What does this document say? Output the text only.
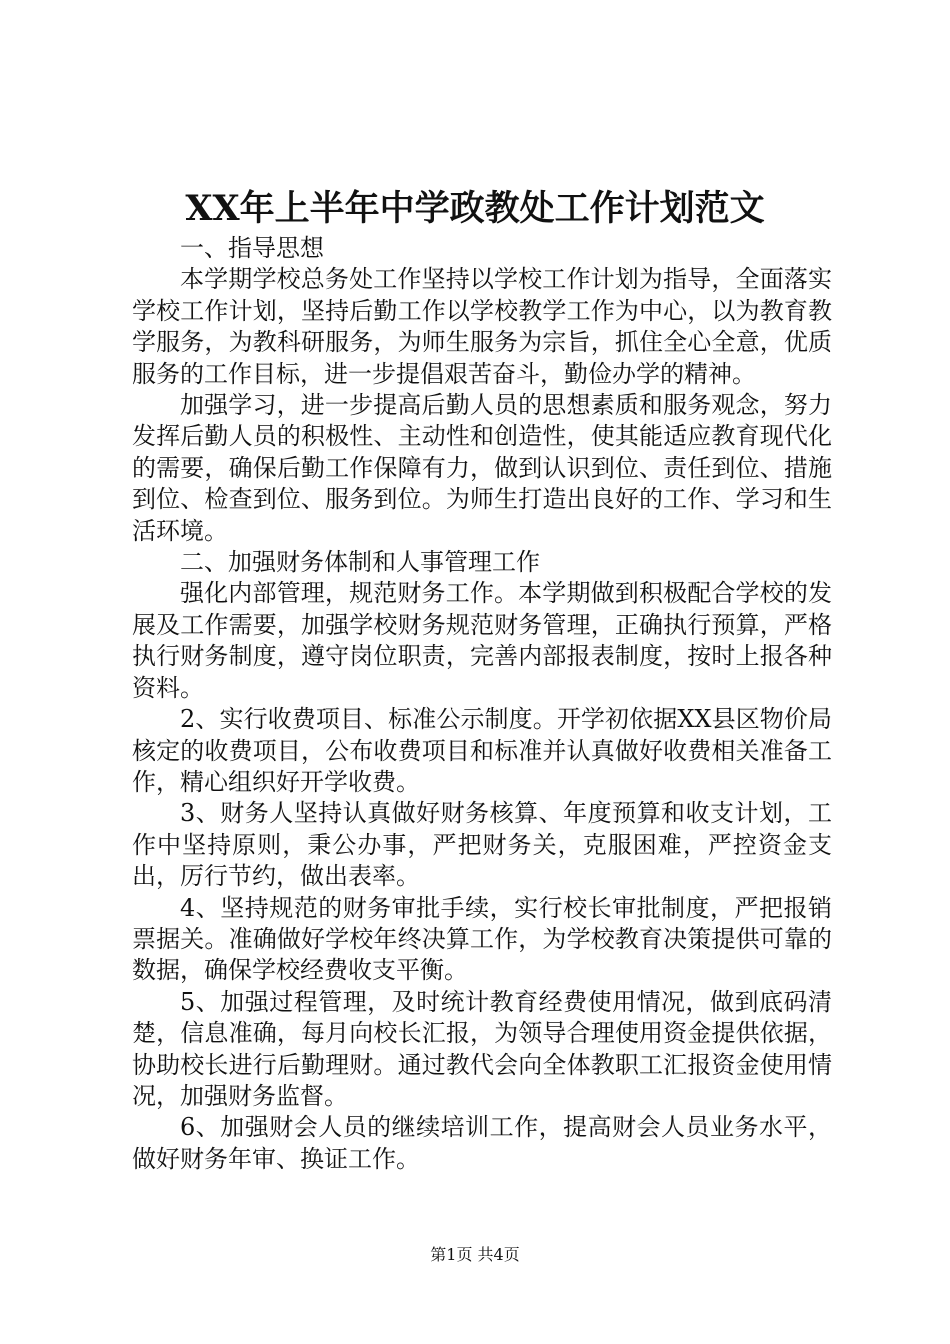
XX年上半年中学政教处工作计划范文

一、指导思想

本学期学校总务处工作坚持以学校工作计划为指导，全面落实学校工作计划，坚持后勤工作以学校教学工作为中心，以为教育教学服务，为教科研服务，为师生服务为宗旨，抓住全心全意，优质服务的工作目标，进一步提倡艰苦奋斗，勤俭办学的精神。

加强学习，进一步提高后勤人员的思想素质和服务观念，努力发挥后勤人员的积极性、主动性和创造性，使其能适应教育现代化的需要，确保后勤工作保障有力，做到认识到位、责任到位、措施到位、检查到位、服务到位。为师生打造出良好的工作、学习和生活环境。

二、加强财务体制和人事管理工作

强化内部管理，规范财务工作。本学期做到积极配合学校的发展及工作需要，加强学校财务规范财务管理，正确执行预算，严格执行财务制度，遵守岗位职责，完善内部报表制度，按时上报各种资料。

2、实行收费项目、标准公示制度。开学初依据XX县区物价局核定的收费项目，公布收费项目和标准并认真做好收费相关准备工作，精心组织好开学收费。

3、财务人坚持认真做好财务核算、年度预算和收支计划，工作中坚持原则，秉公办事，严把财务关，克服困难，严控资金支出，厉行节约，做出表率。

4、坚持规范的财务审批手续，实行校长审批制度，严把报销票据关。准确做好学校年终决算工作，为学校教育决策提供可靠的数据，确保学校经费收支平衡。

5、加强过程管理，及时统计教育经费使用情况，做到底码清楚，信息准确，每月向校长汇报，为领导合理使用资金提供依据，协助校长进行后勤理财。通过教代会向全体教职工汇报资金使用情况，加强财务监督。

6、加强财会人员的继续培训工作，提高财会人员业务水平，做好财务年审、换证工作。

第1页 共4页
